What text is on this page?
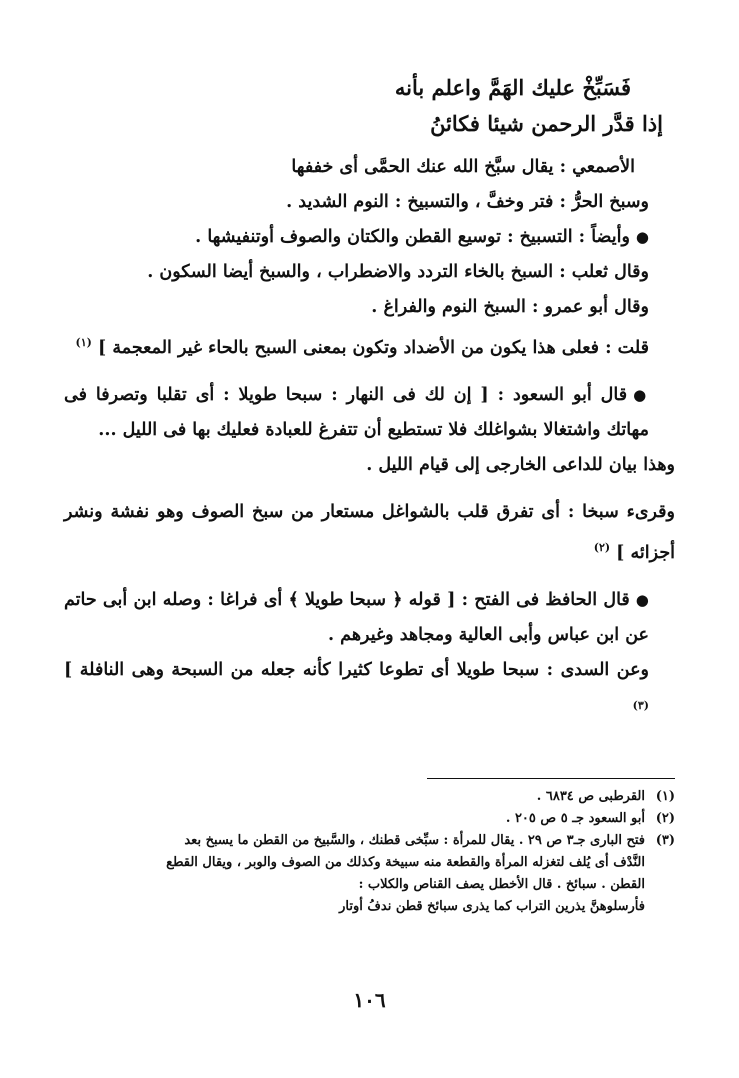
فَسَبِّخْ عليك الهَمَّ واعلم بأنه
إذا قدَّر الرحمن شيئا فكائنُ

الأصمعي : يقال سبَّخ الله عنك الحمَّى أى خففها

وسبخ الحرُّ : فتر وخفَّ ، والتسبيخ : النوم الشديد .

●وأيضاً : التسبيخ : توسيع القطن والكتان والصوف أوتنفيشها .

وقال ثعلب : السبخ بالخاء التردد والاضطراب ، والسبخ أيضا السكون .

وقال أبو عمرو : السبخ النوم والفراغ .

قلت : فعلى هذا يكون من الأضداد وتكون بمعنى السبح بالحاء غير المعجمة ] $^{(١)}$

●قال أبو السعود : [ إن لك فى النهار : سبحا طويلا : أى تقلبا وتصرفا فى مهاتك واشتغالا بشواغلك فلا تستطيع أن تتفرغ للعبادة فعليك بها فى الليل ...

وهذا بيان للداعى الخارجى إلى قيام الليل .

وقرىء سبخا : أى تفرق قلب بالشواغل مستعار من سبخ الصوف وهو نفشة ونشر أجزائه ] $^{(٢)}$

●قال الحافظ فى الفتح : [ قوله ﴿ سبحا طويلا ﴾ أى فراغا : وصله ابن أبى حاتم عن ابن عباس وأبى العالية ومجاهد وغيرهم .

وعن السدى : سبحا طويلا أى تطوعا كثيرا كأنه جعله من السبحة وهى النافلة ] $^{(٣)}$

(١)
القرطبى ص ٦٨٣٤ .
(٢)
أبو السعود جـ ٥ ص ٢٠٥ .
(٣)
فتح البارى جـ٣ ص ٢٩ . يقال للمرأة : سبِّخى قطنك ، والسَّبيخ من القطن ما يسبخ بعد
النَّدْف أى يُلف لتغزله المرأة والقطعة منه سبيخة وكذلك من الصوف والوبر ، ويقال القطع
القطن . سبائخ . قال الأخطل يصف القناص والكلاب :
فأرسلوهنَّ يذرين التراب كما يذرى سبائخ قطن ندفُ أوتار
١٠٦
